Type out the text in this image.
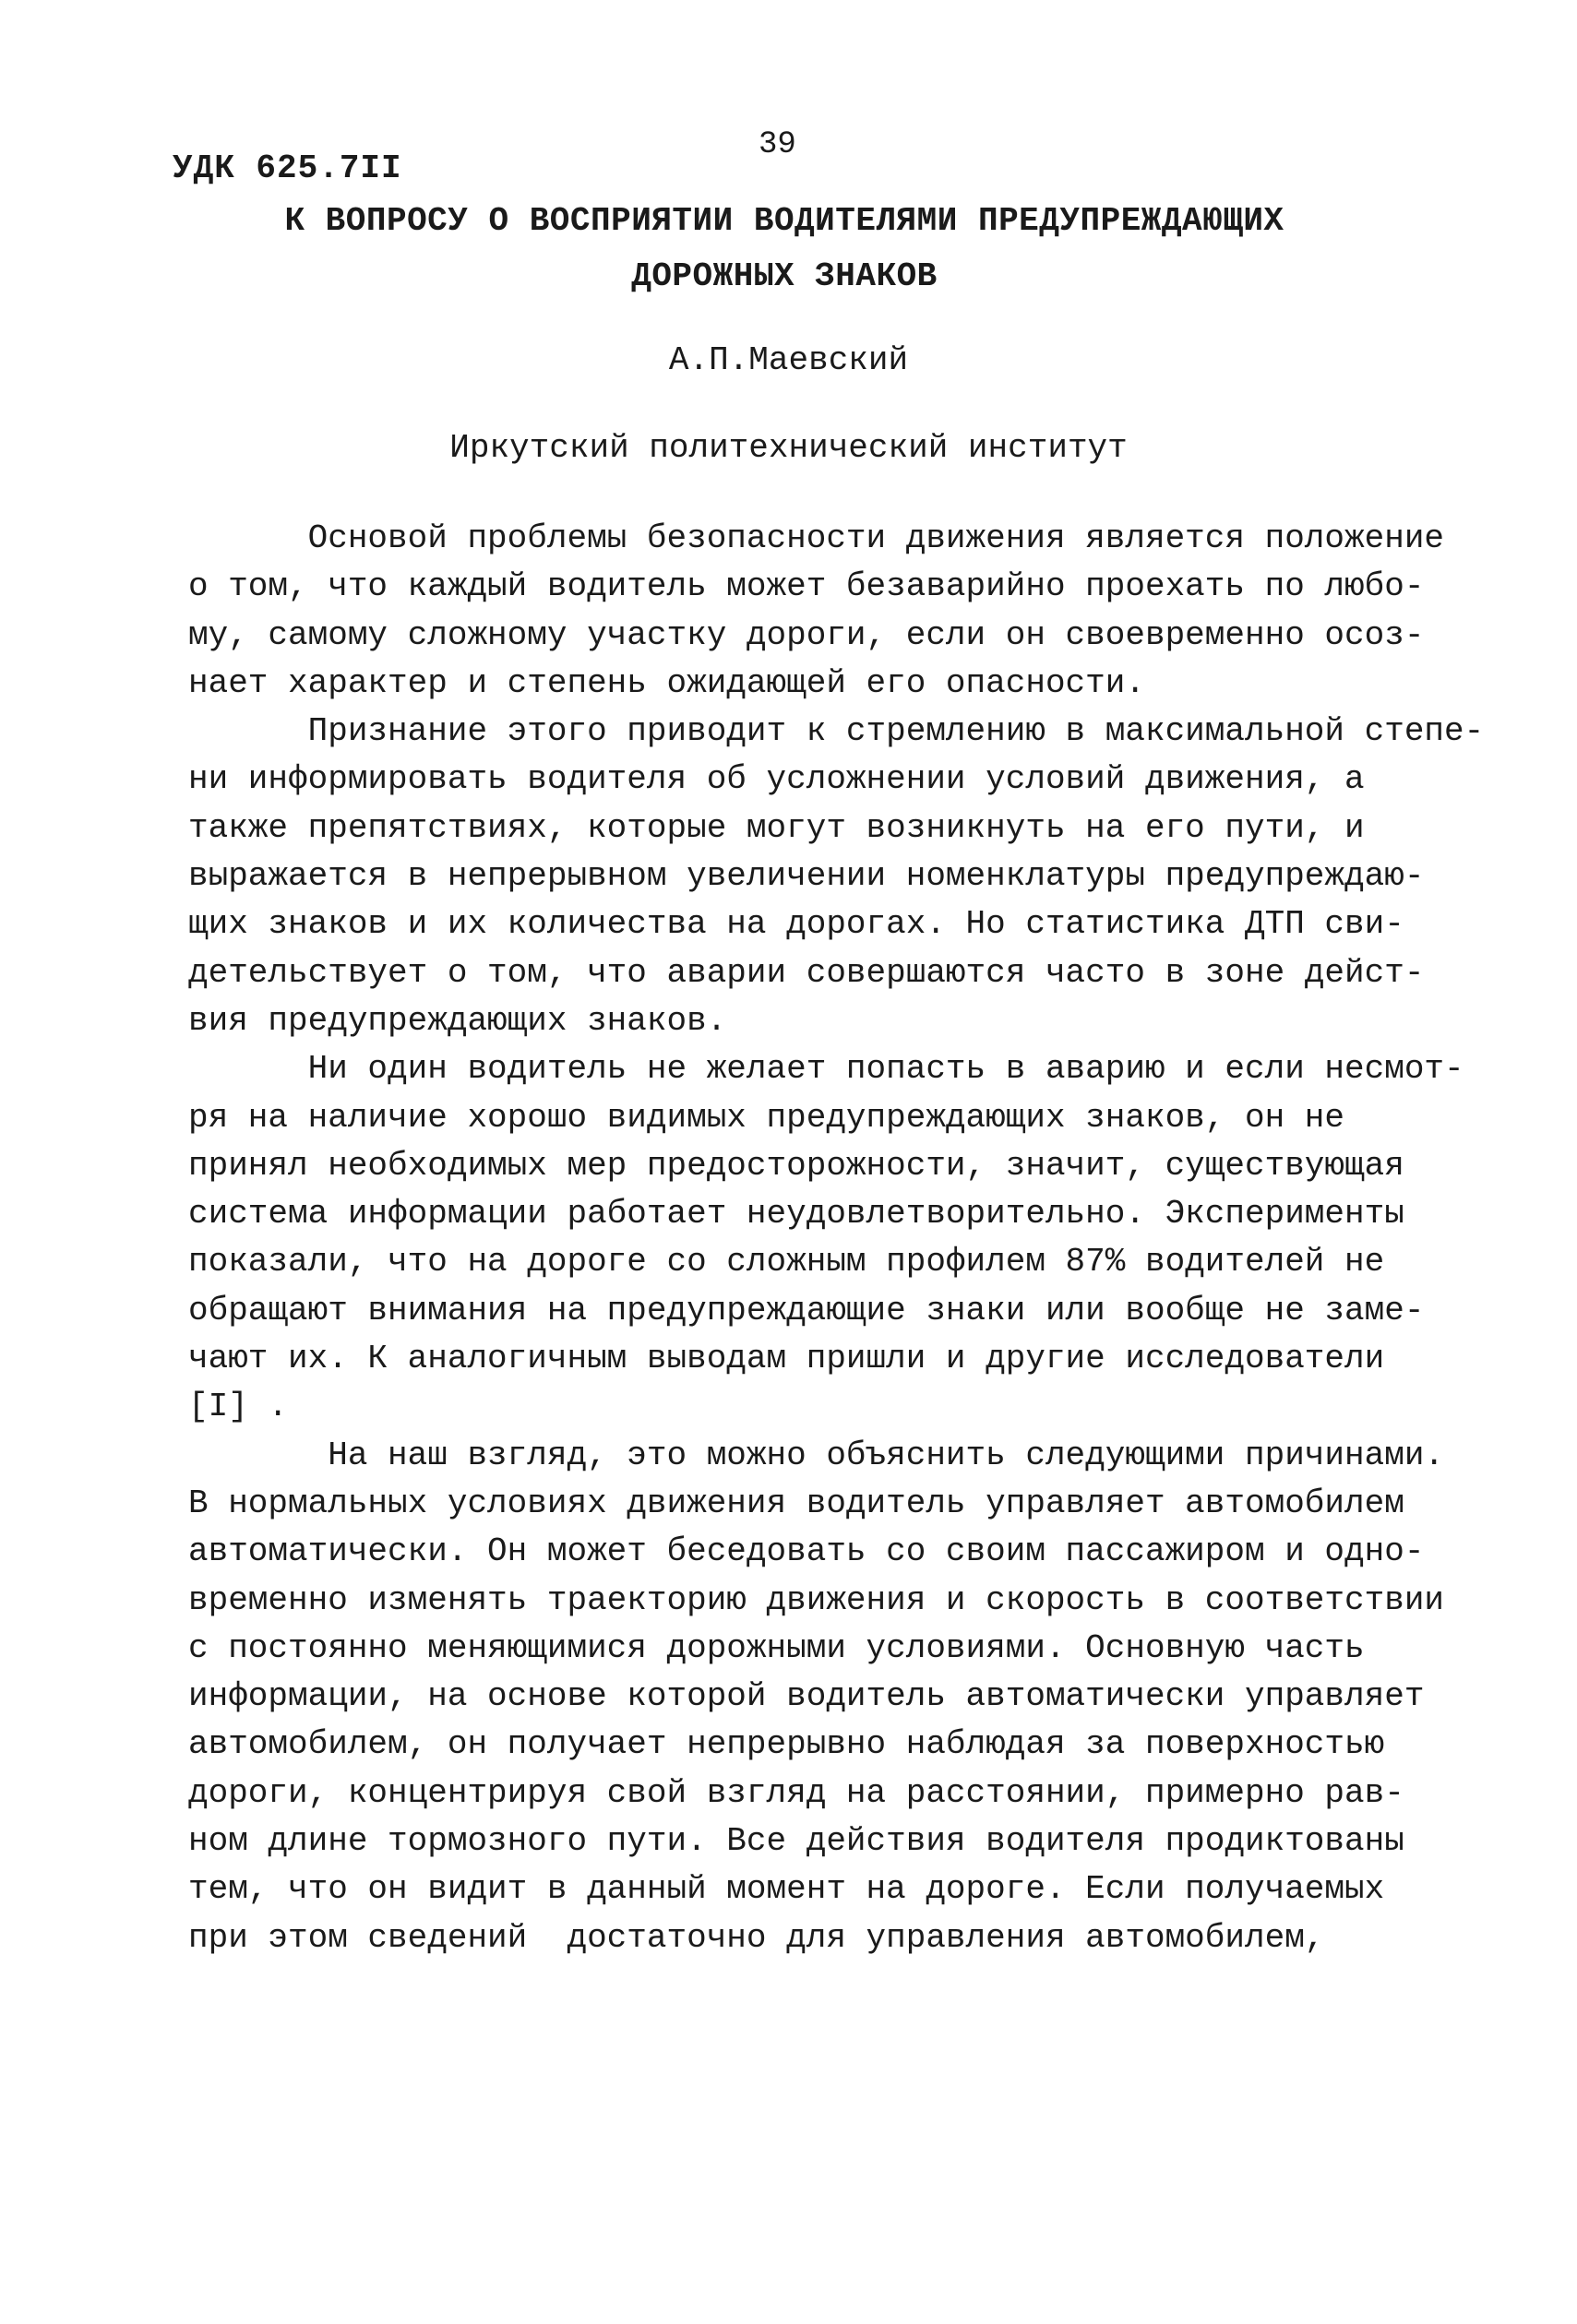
39
УДК 625.7II
К ВОПРОСУ О ВОСПРИЯТИИ ВОДИТЕЛЯМИ ПРЕДУПРЕЖДАЮЩИХ
ДОРОЖНЫХ ЗНАКОВ
А.П.Маевский
Иркутский политехнический институт
Основой проблемы безопасности движения является положение
о том, что каждый водитель может безаварийно проехать по любо-
му, самому сложному участку дороги, если он своевременно осоз-
нает характер и степень ожидающей его опасности.
Признание этого приводит к стремлению в максимальной степе-
ни информировать водителя об усложнении условий движения, а
также препятствиях, которые могут возникнуть на его пути, и
выражается в непрерывном увеличении номенклатуры предупреждаю-
щих знаков и их количества на дорогах. Но статистика ДТП сви-
детельствует о том, что аварии совершаются часто в зоне дейст-
вия предупреждающих знаков.
Ни один водитель не желает попасть в аварию и если несмот-
ря на наличие хорошо видимых предупреждающих знаков, он не
принял необходимых мер предосторожности, значит, существующая
система информации работает неудовлетворительно. Эксперименты
показали, что на дороге со сложным профилем 87% водителей не
обращают внимания на предупреждающие знаки или вообще не заме-
чают их. К аналогичным выводам пришли и другие исследователи
[I] .
На наш взгляд, это можно объяснить следующими причинами.
В нормальных условиях движения водитель управляет автомобилем
автоматически. Он может беседовать со своим пассажиром и одно-
временно изменять траекторию движения и скорость в соответствии
с постоянно меняющимися дорожными условиями. Основную часть
информации, на основе которой водитель автоматически управляет
автомобилем, он получает непрерывно наблюдая за поверхностью
дороги, концентрируя свой взгляд на расстоянии, примерно рав-
ном длине тормозного пути. Все действия водителя продиктованы
тем, что он видит в данный момент на дороге. Если получаемых
при этом сведений  достаточно для управления автомобилем,
